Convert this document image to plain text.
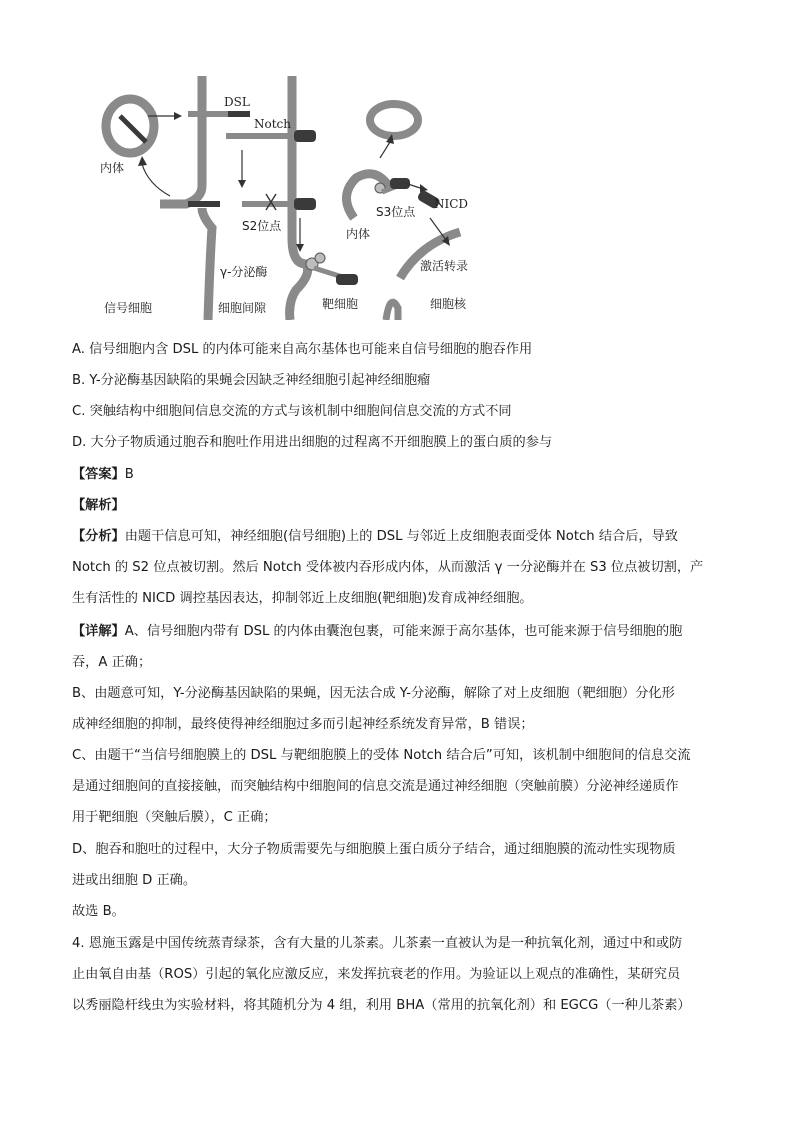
DSL
Notch
内体
S2位点
γ-分泌酶
信号细胞	细胞间隙	靶细胞
S3位点
内体
NICD
激活转录
细胞核
A. 信号细胞内含 DSL 的内体可能来自高尔基体也可能来自信号细胞的胞吞作用
B. Y-分泌酶基因缺陷的果蝇会因缺乏神经细胞引起神经细胞瘤
C. 突触结构中细胞间信息交流的方式与该机制中细胞间信息交流的方式不同
D. 大分子物质通过胞吞和胞吐作用进出细胞的过程离不开细胞膜上的蛋白质的参与
【答案】B
【解析】
【分析】由题干信息可知，神经细胞(信号细胞)上的 DSL 与邻近上皮细胞表面受体 Notch 结合后，导致
Notch 的 S2 位点被切割。然后 Notch 受体被内吞形成内体，从而激活 γ 一分泌酶并在 S3 位点被切割，产
生有活性的 NICD 调控基因表达，抑制邻近上皮细胞(靶细胞)发育成神经细胞。
【详解】A、信号细胞内带有 DSL 的内体由囊泡包裹，可能来源于高尔基体，也可能来源于信号细胞的胞
吞，A 正确；
B、由题意可知，Y-分泌酶基因缺陷的果蝇，因无法合成 Y-分泌酶，解除了对上皮细胞（靶细胞）分化形
成神经细胞的抑制，最终使得神经细胞过多而引起神经系统发育异常，B 错误；
C、由题干“当信号细胞膜上的 DSL 与靶细胞膜上的受体 Notch 结合后”可知，该机制中细胞间的信息交流
是通过细胞间的直接接触，而突触结构中细胞间的信息交流是通过神经细胞（突触前膜）分泌神经递质作
用于靶细胞（突触后膜），C 正确；
D、胞吞和胞吐的过程中，大分子物质需要先与细胞膜上蛋白质分子结合，通过细胞膜的流动性实现物质
进或出细胞 D 正确。
故选 B。
4. 恩施玉露是中国传统蒸青绿茶，含有大量的儿茶素。儿茶素一直被认为是一种抗氧化剂，通过中和或防
止由氧自由基（ROS）引起的氧化应激反应，来发挥抗衰老的作用。为验证以上观点的准确性，某研究员
以秀丽隐杆线虫为实验材料，将其随机分为 4 组，利用 BHA（常用的抗氧化剂）和 EGCG（一种儿茶素）
